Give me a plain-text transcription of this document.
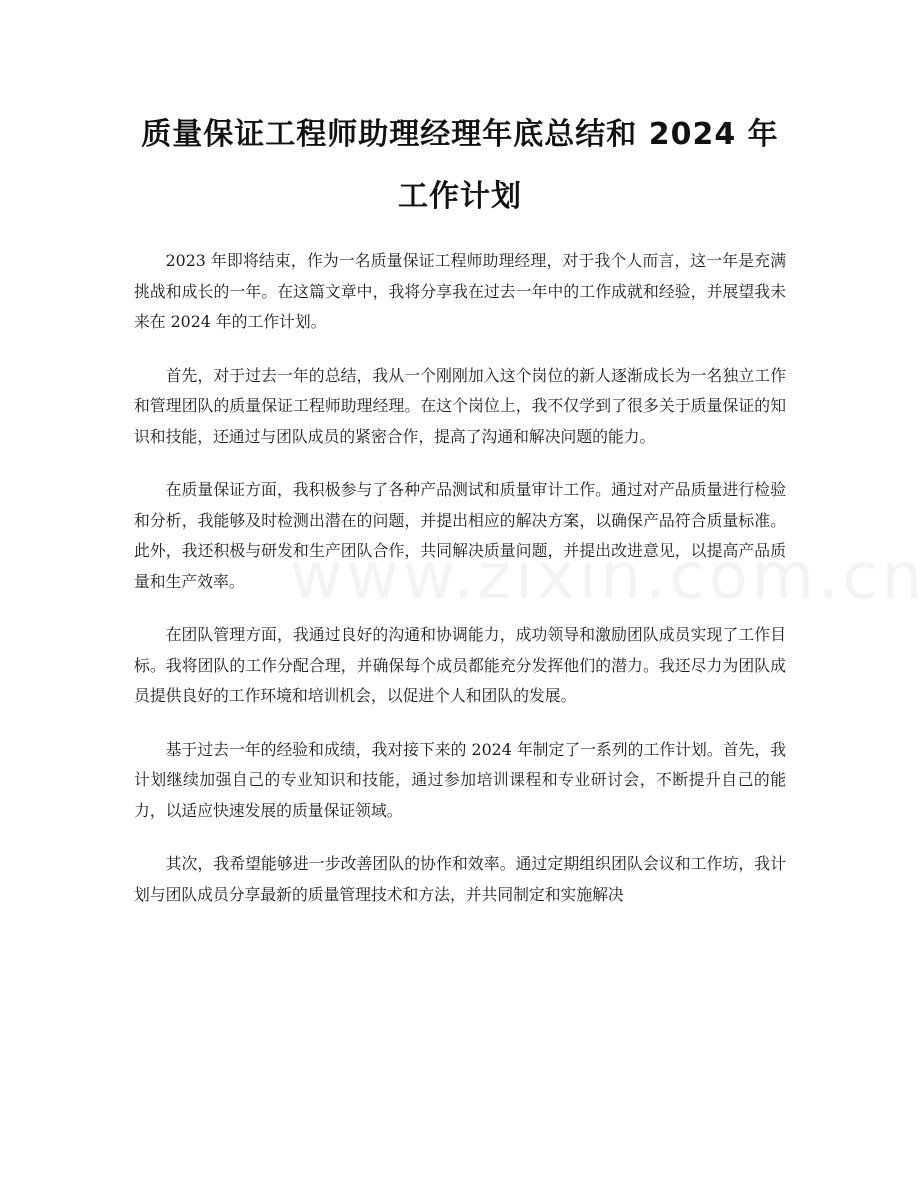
质量保证工程师助理经理年底总结和 2024 年
工作计划

2023 年即将结束，作为一名质量保证工程师助理经理，对于我个人而言，这一年是充满挑战和成长的一年。在这篇文章中，我将分享我在过去一年中的工作成就和经验，并展望我未来在 2024 年的工作计划。

首先，对于过去一年的总结，我从一个刚刚加入这个岗位的新人逐渐成长为一名独立工作和管理团队的质量保证工程师助理经理。在这个岗位上，我不仅学到了很多关于质量保证的知识和技能，还通过与团队成员的紧密合作，提高了沟通和解决问题的能力。

在质量保证方面，我积极参与了各种产品测试和质量审计工作。通过对产品质量进行检验和分析，我能够及时检测出潜在的问题，并提出相应的解决方案，以确保产品符合质量标准。此外，我还积极与研发和生产团队合作，共同解决质量问题，并提出改进意见，以提高产品质量和生产效率。

在团队管理方面，我通过良好的沟通和协调能力，成功领导和激励团队成员实现了工作目标。我将团队的工作分配合理，并确保每个成员都能充分发挥他们的潜力。我还尽力为团队成员提供良好的工作环境和培训机会，以促进个人和团队的发展。

基于过去一年的经验和成绩，我对接下来的 2024 年制定了一系列的工作计划。首先，我计划继续加强自己的专业知识和技能，通过参加培训课程和专业研讨会，不断提升自己的能力，以适应快速发展的质量保证领域。

其次，我希望能够进一步改善团队的协作和效率。通过定期组织团队会议和工作坊，我计划与团队成员分享最新的质量管理技术和方法，并共同制定和实施解决
